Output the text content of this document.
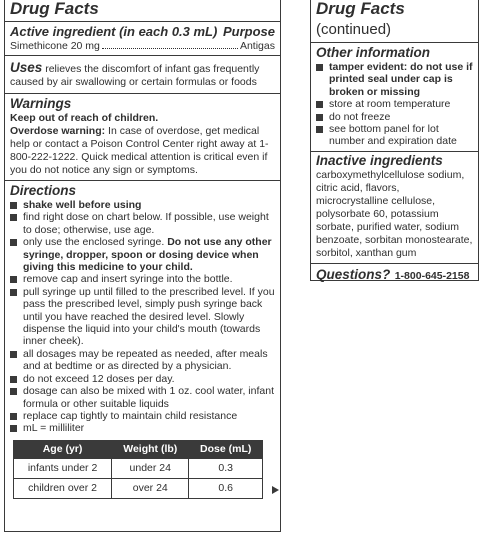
Drug Facts
Active ingredient (in each 0.3 mL) Purpose
Simethicone 20 mg	Antigas
Uses relieves the discomfort of infant gas frequently caused by air swallowing or certain formulas or foods
Warnings
Keep out of reach of children.
Overdose warning: In case of overdose, get medical help or contact a Poison Control Center right away at 1-800-222-1222. Quick medical attention is critical even if you do not notice any sign or symptoms.
Directions
shake well before using
find right dose on chart below. If possible, use weight to dose; otherwise, use age.
only use the enclosed syringe. Do not use any other syringe, dropper, spoon or dosing device when giving this medicine to your child.
remove cap and insert syringe into the bottle.
pull syringe up until filled to the prescribed level. If you pass the prescribed level, simply push syringe back until you have reached the desired level. Slowly dispense the liquid into your child's mouth (towards inner cheek).
all dosages may be repeated as needed, after meals and at bedtime or as directed by a physician.
do not exceed 12 doses per day.
dosage can also be mixed with 1 oz. cool water, infant formula or other suitable liquids
replace cap tightly to maintain child resistance
mL = milliliter
Age (yr)	Weight (lb)	Dose (mL)
infants under 2	under 24	0.3
children over 2	over 24	0.6
Drug Facts (continued)
Other information
tamper evident: do not use if printed seal under cap is broken or missing
store at room temperature
do not freeze
see bottom panel for lot number and expiration date
Inactive ingredients
carboxymethylcellulose sodium, citric acid, flavors, microcrystalline cellulose, polysorbate 60, potassium sorbate, purified water, sodium benzoate, sorbitan monostearate, sorbitol, xanthan gum
Questions? 1-800-645-2158
